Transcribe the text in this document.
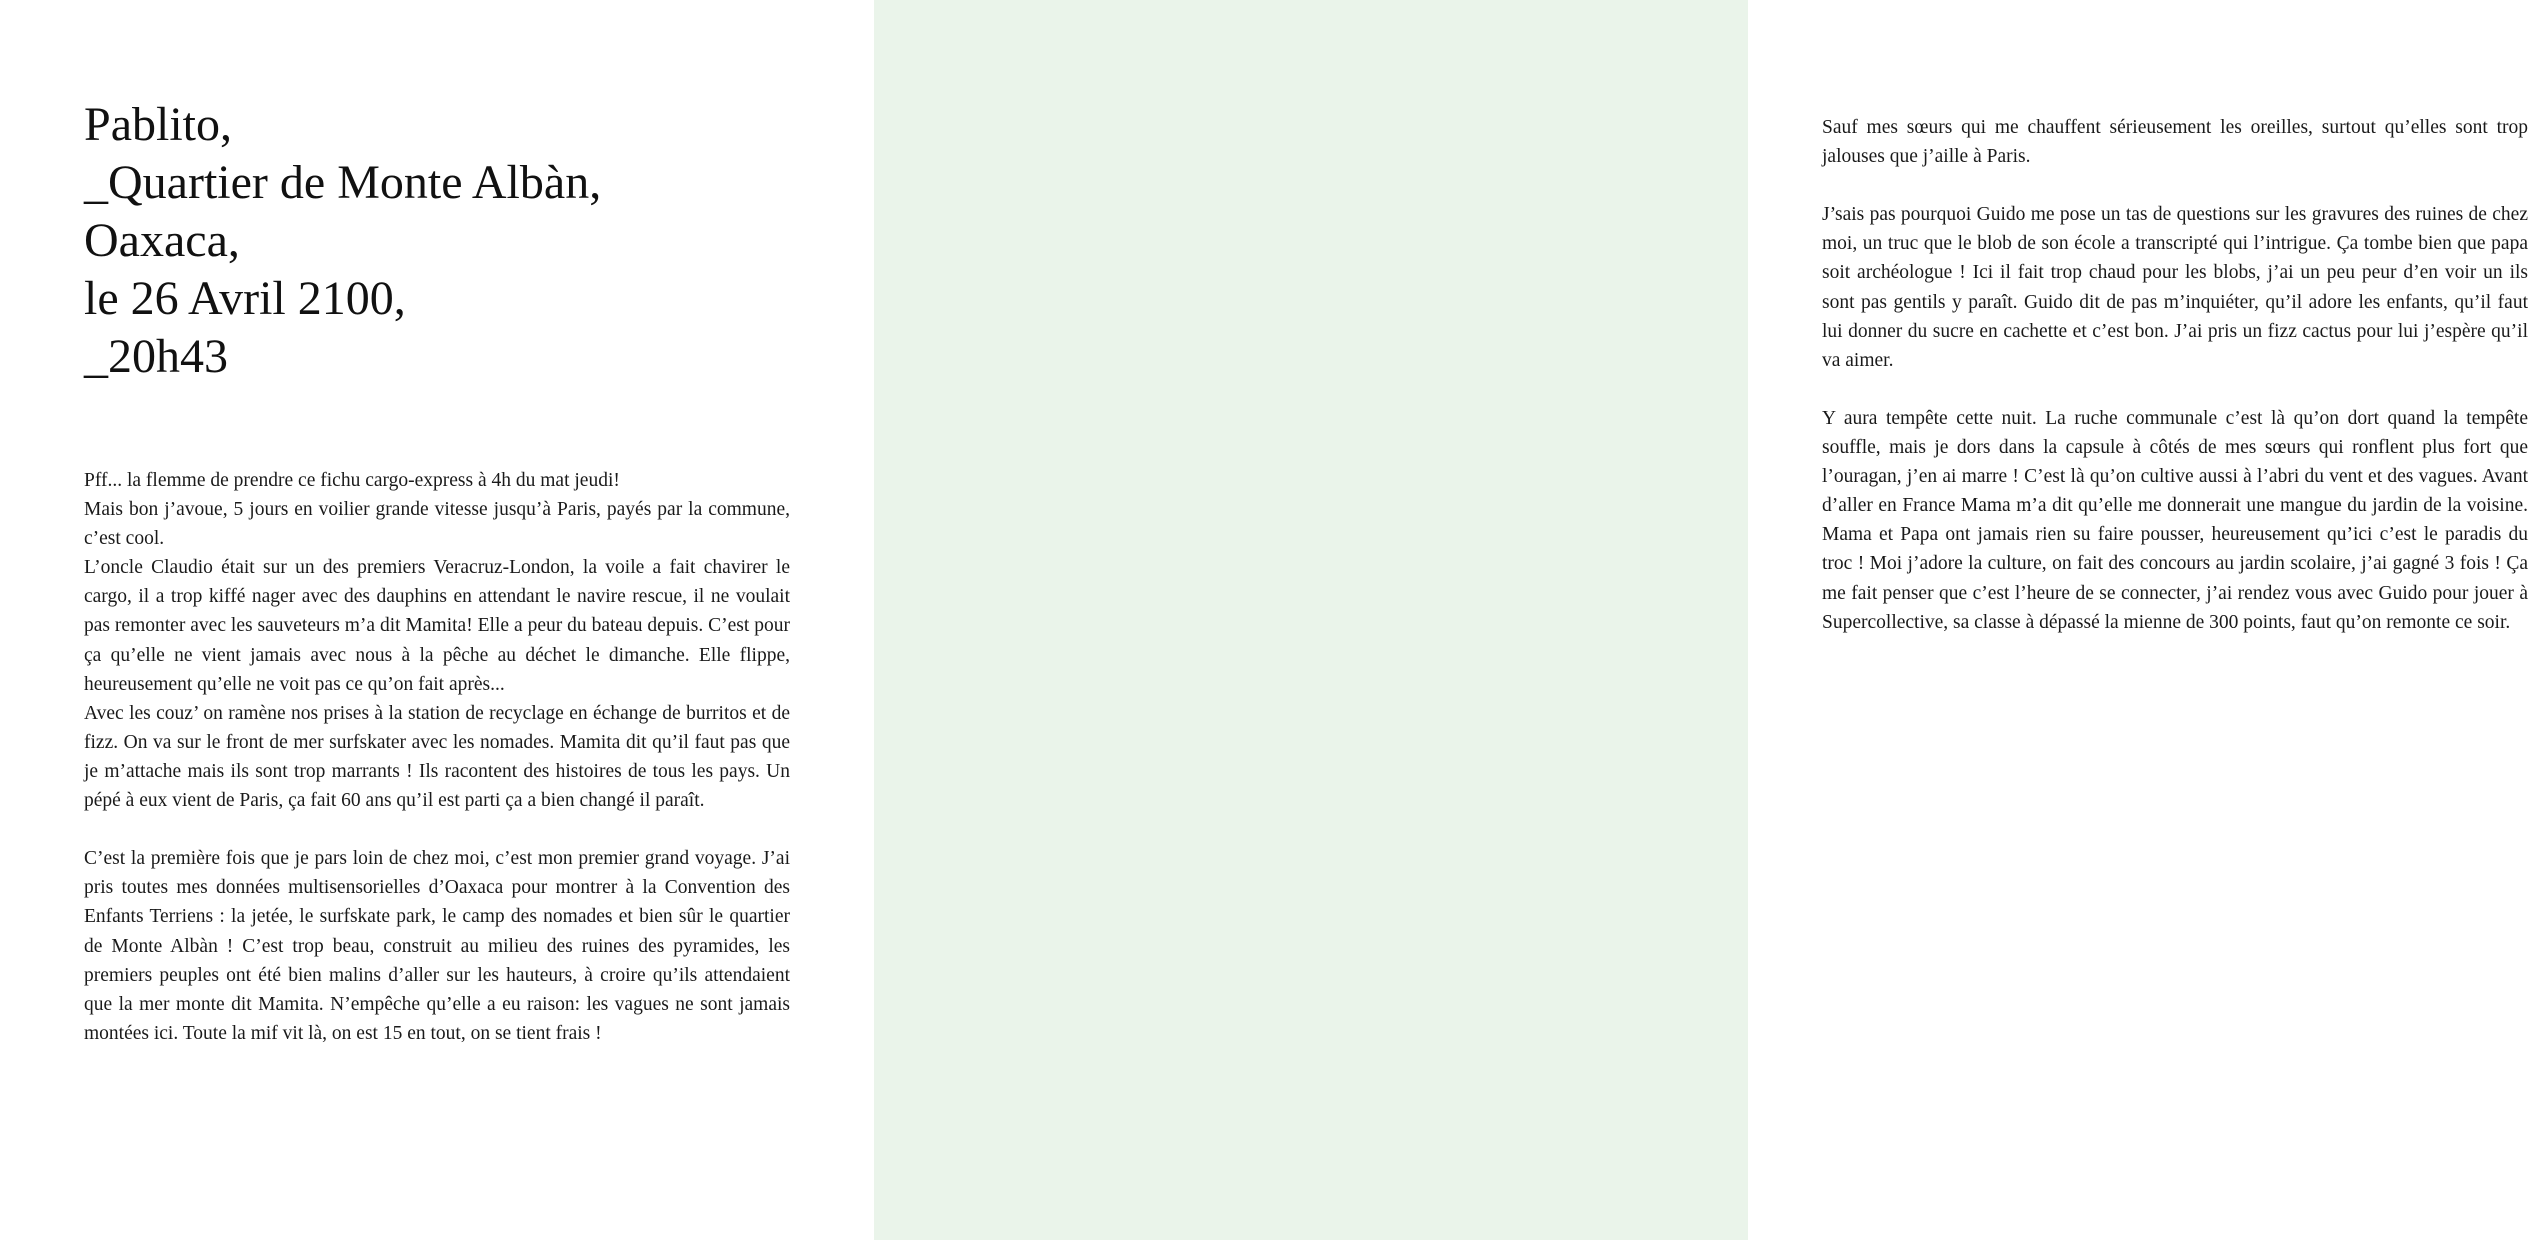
Pablito,
_Quartier de Monte Albàn,
Oaxaca,
le 26 Avril 2100,
_20h43

Pff... la flemme de prendre ce fichu cargo-express à 4h du mat jeudi!

Mais bon j’avoue, 5 jours en voilier grande vitesse jusqu’à Paris, payés par la commune, c’est cool.

L’oncle Claudio était sur un des premiers Veracruz-London, la voile a fait chavirer le cargo, il a trop kiffé nager avec des dauphins en attendant le navire rescue, il ne voulait pas remonter avec les sauveteurs m’a dit Mamita! Elle a peur du bateau depuis. C’est pour ça qu’elle ne vient jamais avec nous à la pêche au déchet le dimanche. Elle flippe, heureusement qu’elle ne voit pas ce qu’on fait après...

Avec les couz’ on ramène nos prises à la station de recyclage en échange de burritos et de fizz. On va sur le front de mer surfskater avec les nomades. Mamita dit qu’il faut pas que je m’attache mais ils sont trop marrants ! Ils racontent des histoires de tous les pays. Un pépé à eux vient de Paris, ça fait 60 ans qu’il est parti ça a bien changé il paraît.

C’est la première fois que je pars loin de chez moi, c’est mon premier grand voyage. J’ai pris toutes mes données multisensorielles d’Oaxaca pour montrer à la Convention des Enfants Terriens : la jetée, le surfskate park, le camp des nomades et bien sûr le quartier de Monte Albàn ! C’est trop beau, construit au milieu des ruines des pyramides, les premiers peuples ont été bien malins d’aller sur les hauteurs, à croire qu’ils attendaient que la mer monte dit Mamita. N’empêche qu’elle a eu raison: les vagues ne sont jamais montées ici. Toute la mif vit là, on est 15 en tout, on se tient frais !

Sauf mes sœurs qui me chauffent sérieusement les oreilles, surtout qu’elles sont trop jalouses que j’aille à Paris.

J’sais pas pourquoi Guido me pose un tas de questions sur les gravures des ruines de chez moi, un truc que le blob de son école a transcripté qui l’intrigue. Ça tombe bien que papa soit archéologue ! Ici il fait trop chaud pour les blobs, j’ai un peu peur d’en voir un ils sont pas gentils y paraît. Guido dit de pas m’inquiéter, qu’il adore les enfants, qu’il faut lui donner du sucre en cachette et c’est bon. J’ai pris un fizz cactus pour lui j’espère qu’il va aimer.

Y aura tempête cette nuit. La ruche communale c’est là qu’on dort quand la tempête souffle, mais je dors dans la capsule à côtés de mes sœurs qui ronflent plus fort que l’ouragan, j’en ai marre ! C’est là qu’on cultive aussi à l’abri du vent et des vagues. Avant d’aller en France Mama m’a dit qu’elle me donnerait une mangue du jardin de la voisine. Mama et Papa ont jamais rien su faire pousser, heureusement qu’ici c’est le paradis du troc ! Moi j’adore la culture, on fait des concours au jardin scolaire, j’ai gagné 3 fois ! Ça me fait penser que c’est l’heure de se connecter, j’ai rendez vous avec Guido pour jouer à Supercollective, sa classe à dépassé la mienne de 300 points, faut qu’on remonte ce soir.
